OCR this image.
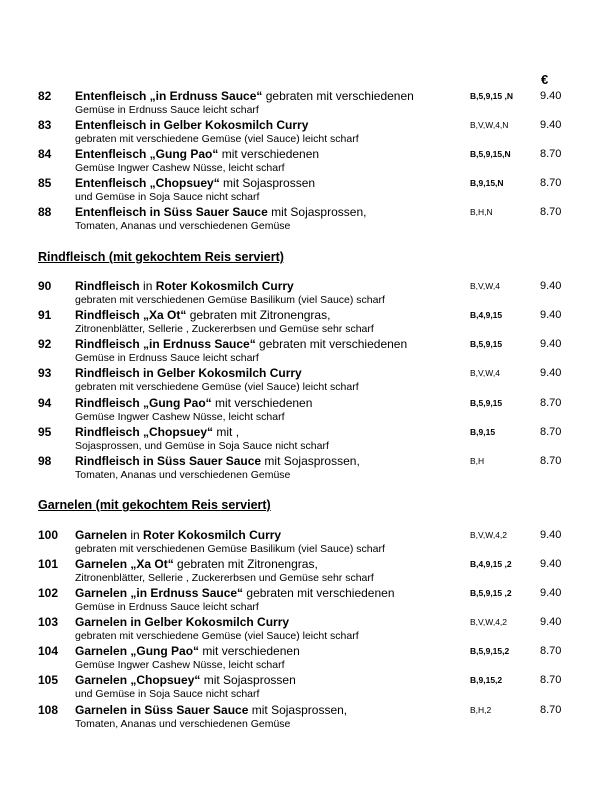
€
82 Entenfleisch „in Erdnuss Sauce“ gebraten mit verschiedenen
Gemüse in Erdnuss Sauce leicht scharf
B,5,9,15 ,N 9.40
83 Entenfleisch in Gelber Kokosmilch Curry
gebraten mit verschiedene Gemüse (viel Sauce) leicht scharf
B,V,W,4,N	9.40
84 Entenfleisch „Gung Pao“ mit verschiedenen
Gemüse Ingwer Cashew Nüsse, leicht scharf
B,5,9,15,N	8.70
85 Entenfleisch „Chopsuey“ mit Sojasprossen
und Gemüse in Soja Sauce nicht scharf
B,9,15,N	8.70
88 Entenfleisch in Süss Sauer Sauce mit Sojasprossen,
Tomaten, Ananas und verschiedenen Gemüse
B,H,N	8.70
Rindfleisch (mit gekochtem Reis serviert)
90 Rindfleisch in Roter Kokosmilch Curry
gebraten mit verschiedenen Gemüse Basilikum (viel Sauce) scharf
B,V,W,4	9.40
91 Rindfleisch „Xa Ot“ gebraten mit Zitronengras,
Zitronenblätter, Sellerie , Zuckererbsen und Gemüse sehr scharf
B,4,9,15	9.40
92 Rindfleisch „in Erdnuss Sauce“ gebraten mit verschiedenen
Gemüse in Erdnuss Sauce leicht scharf
B,5,9,15	9.40
93 Rindfleisch in Gelber Kokosmilch Curry
gebraten mit verschiedene Gemüse (viel Sauce) leicht scharf
B,V,W,4	9.40
94 Rindfleisch „Gung Pao“ mit verschiedenen
Gemüse Ingwer Cashew Nüsse, leicht scharf
B,5,9,15	8.70
95 Rindfleisch „Chopsuey“ mit ,
Sojasprossen, und Gemüse in Soja Sauce nicht scharf
B,9,15	8.70
98 Rindfleisch in Süss Sauer Sauce mit Sojasprossen,
Tomaten, Ananas und verschiedenen Gemüse
B,H	8.70
Garnelen (mit gekochtem Reis serviert)
100 Garnelen in Roter Kokosmilch Curry
gebraten mit verschiedenen Gemüse Basilikum (viel Sauce) scharf
B,V,W,4,2	9.40
101 Garnelen „Xa Ot“ gebraten mit Zitronengras,
Zitronenblätter, Sellerie , Zuckererbsen und Gemüse sehr scharf
B,4,9,15 ,2	9.40
102 Garnelen „in Erdnuss Sauce“ gebraten mit verschiedenen
Gemüse in Erdnuss Sauce leicht scharf
B,5,9,15 ,2	9.40
103 Garnelen in Gelber Kokosmilch Curry
gebraten mit verschiedene Gemüse (viel Sauce) leicht scharf
B,V,W,4,2	9.40
104 Garnelen „Gung Pao“ mit verschiedenen
Gemüse Ingwer Cashew Nüsse, leicht scharf
B,5,9,15,2	8.70
105 Garnelen „Chopsuey“ mit Sojasprossen
und Gemüse in Soja Sauce nicht scharf
B,9,15,2	8.70
108 Garnelen in Süss Sauer Sauce mit Sojasprossen,
Tomaten, Ananas und verschiedenen Gemüse
B,H,2	8.70
